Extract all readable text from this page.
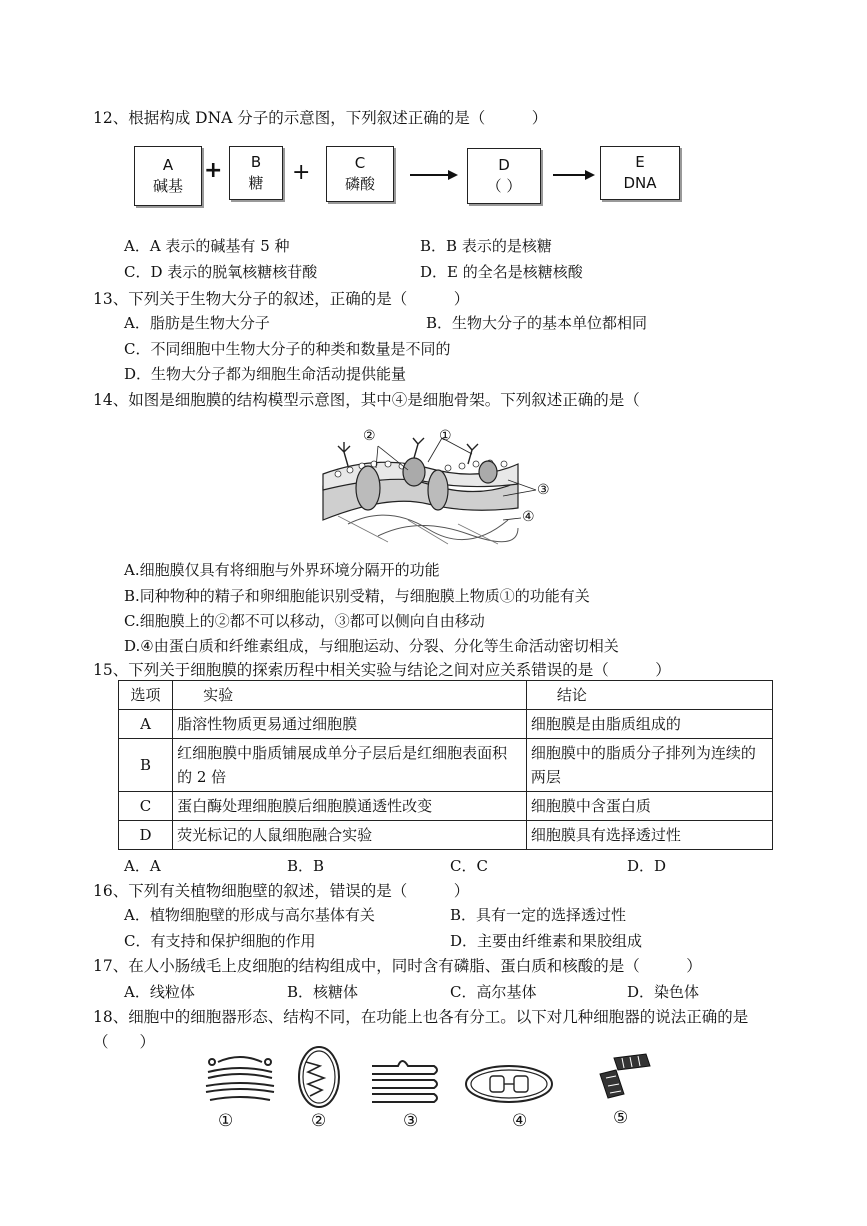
12、根据构成 DNA 分子的示意图，下列叙述正确的是（　　　）
A
碱基
+ B
糖 +	C
磷酸
D
（ ）
E
DNA
A．A 表示的碱基有 5 种	B．B 表示的是核糖
C．D 表示的脱氧核糖核苷酸	D．E 的全名是核糖核酸
13、下列关于生物大分子的叙述，正确的是（　　　）
A．脂肪是生物大分子	B．生物大分子的基本单位都相同
C．不同细胞中生物大分子的种类和数量是不同的
D．生物大分子都为细胞生命活动提供能量
14、如图是细胞膜的结构模型示意图，其中④是细胞骨架。下列叙述正确的是（
②	①
③
④
A.细胞膜仅具有将细胞与外界环境分隔开的功能
B.同种物种的精子和卵细胞能识别受精，与细胞膜上物质①的功能有关
C.细胞膜上的②都不可以移动，③都可以侧向自由移动
D.④由蛋白质和纤维素组成，与细胞运动、分裂、分化等生命活动密切相关
15、下列关于细胞膜的探索历程中相关实验与结论之间对应关系错误的是（　　　）
选项	实验	结论
A	脂溶性物质更易通过细胞膜	细胞膜是由脂质组成的
B	红细胞膜中脂质铺展成单分子层后是红细胞表面积的 2 倍	细胞膜中的脂质分子排列为连续的两层
C	蛋白酶处理细胞膜后细胞膜通透性改变	细胞膜中含蛋白质
D	荧光标记的人鼠细胞融合实验	细胞膜具有选择透过性
A．A	B．B	C．C	D．D
16、下列有关植物细胞壁的叙述，错误的是（　　　）
A．植物细胞壁的形成与高尔基体有关	B．具有一定的选择透过性
C．有支持和保护细胞的作用	D．主要由纤维素和果胶组成
17、在人小肠绒毛上皮细胞的结构组成中，同时含有磷脂、蛋白质和核酸的是（　　　）
A．线粒体	B．核糖体	C．高尔基体	D．染色体
18、细胞中的细胞器形态、结构不同，在功能上也各有分工。以下对几种细胞器的说法正确的是
（　　）
①	②	③	④	⑤
